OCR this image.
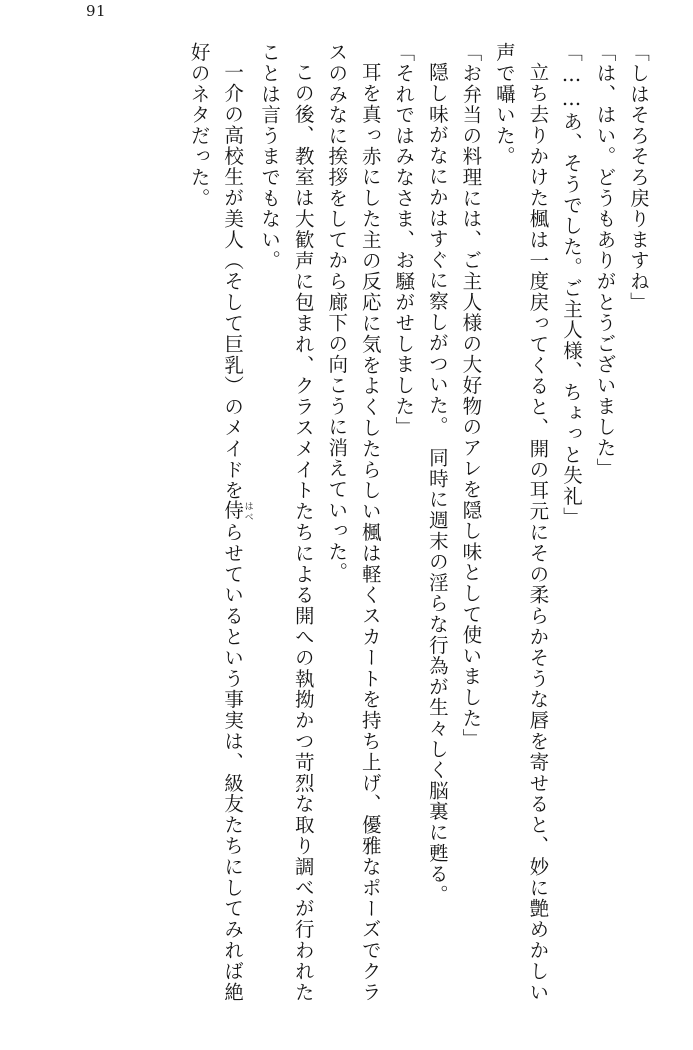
91

「しはそろそろ戻りますね」

「は、はい。どうもありがとうございました」

「……あ、そうでした。ご主人様、ちょっと失礼」

立ち去りかけた楓は一度戻ってくると、開の耳元にその柔らかそうな唇を寄せると、妙に艶めかしい声で囁いた。

「お弁当の料理には、ご主人様の大好物のアレを隠し味として使いました」

隠し味がなにかはすぐに察しがついた。　同時に週末の淫らな行為が生々しく脳裏に甦る。

「それではみなさま、お騒がせしました」

耳を真っ赤にした主の反応に気をよくしたらしい楓は軽くスカートを持ち上げ、優雅なポーズでクラスのみなに挨拶をしてから廊下の向こうに消えていった。

この後、教室は大歓声に包まれ、クラスメイトたちによる開への執拗かつ苛烈な取り調べが行われたことは言うまでもない。

一介の高校生が美人（そして巨乳）のメイドを侍はべらせているという事実は、級友たちにしてみれば絶好のネタだった。
